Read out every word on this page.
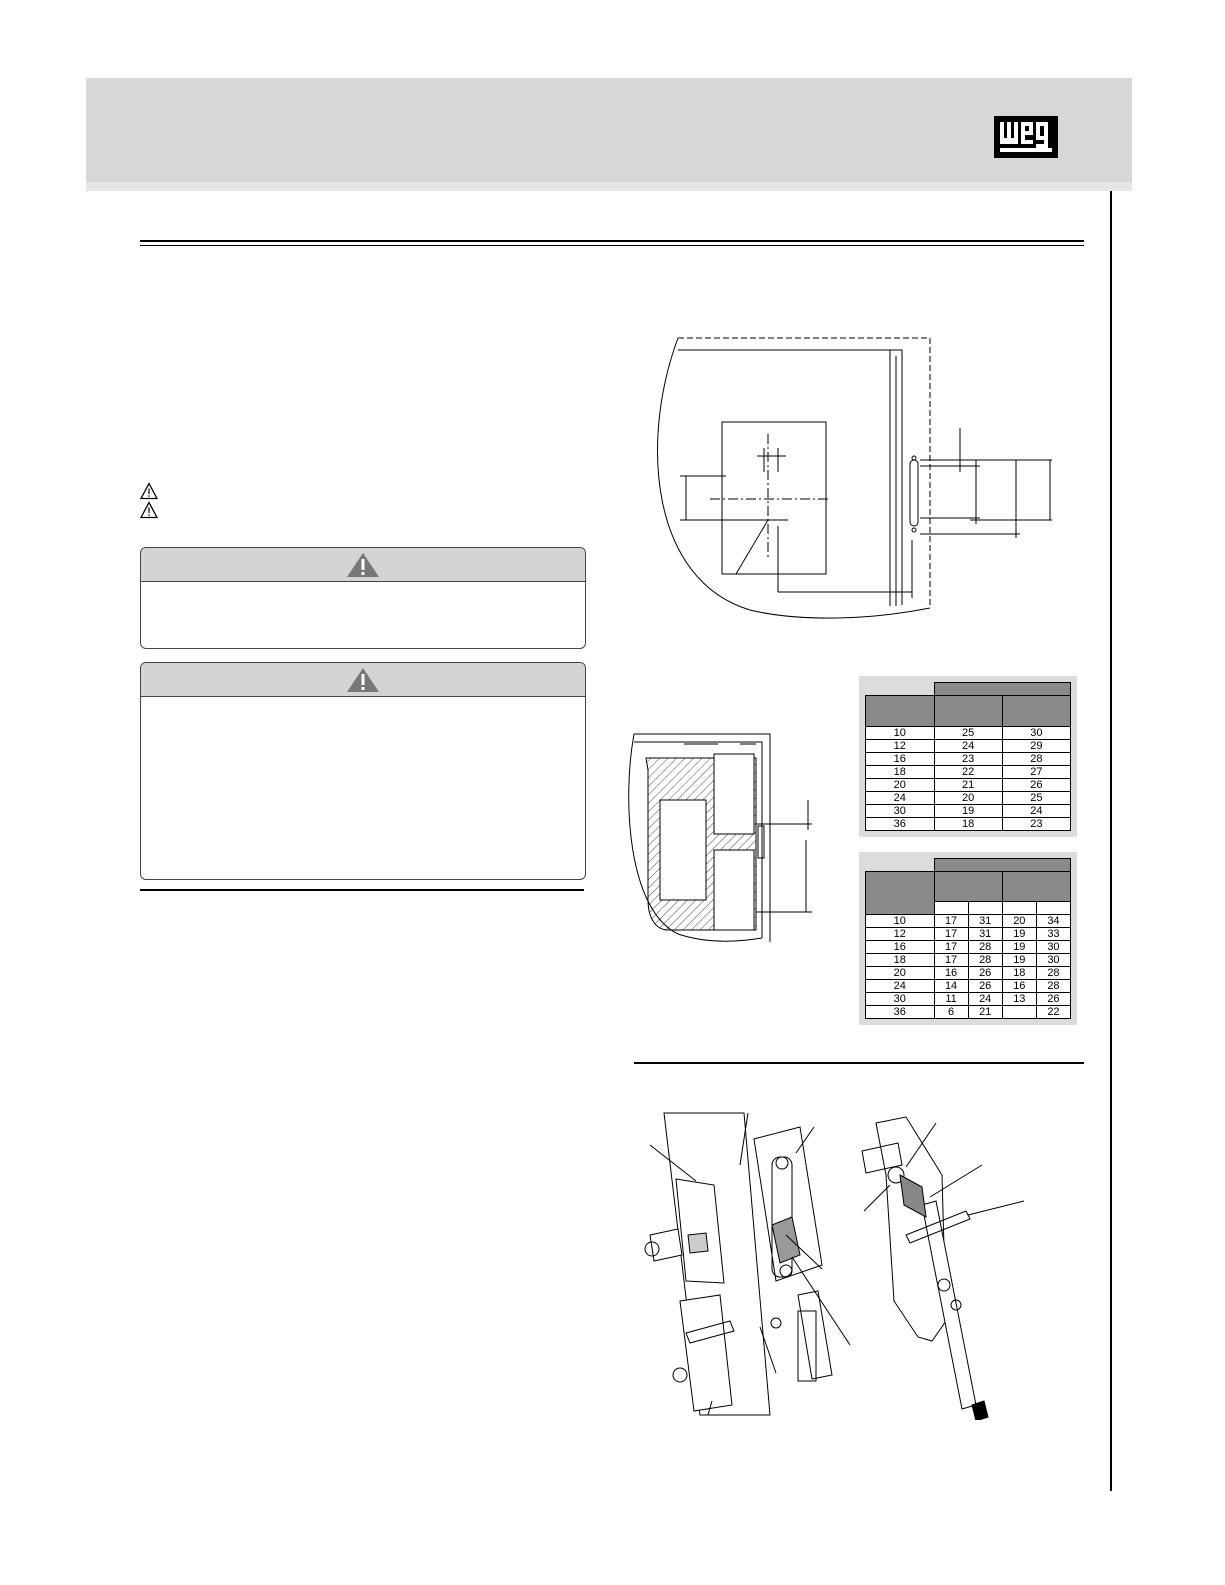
10	25	30
12	24	29
16	23	28
18	22	27
20	21	26
24	20	25
30	19	24
36	18	23

10	17	31	20	34
12	17	31	19	33
16	17	28	19	30
18	17	28	19	30
20	16	26	18	28
24	14	26	16	28
30	11	24	13	26
36	6	21		22
